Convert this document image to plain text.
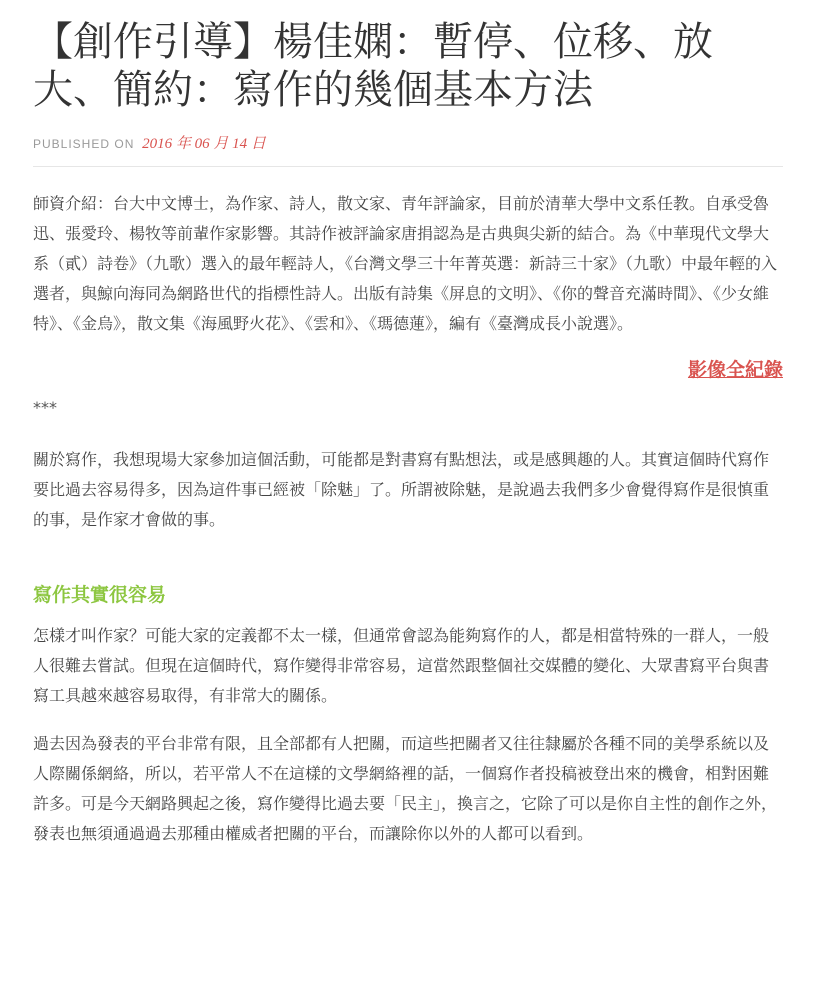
【創作引導】楊佳嫻：暫停、位移、放大、簡約：寫作的幾個基本方法
PUBLISHED ON 2016 年 06 月 14 日

師資介紹：台大中文博士，為作家、詩人，散文家、青年評論家，目前於清華大學中文系任教。自承受魯迅、張愛玲、楊牧等前輩作家影響。其詩作被評論家唐捐認為是古典與尖新的結合。為《中華現代文學大系（貳）詩卷》（九歌）選入的最年輕詩人，《台灣文學三十年菁英選：新詩三十家》（九歌）中最年輕的入選者，與鯨向海同為網路世代的指標性詩人。出版有詩集《屏息的文明》、《你的聲音充滿時間》、《少女維特》、《金烏》，散文集《海風野火花》、《雲和》、《瑪德蓮》，編有《臺灣成長小說選》。

影像全紀錄
***

關於寫作，我想現場大家參加這個活動，可能都是對書寫有點想法，或是感興趣的人。其實這個時代寫作要比過去容易得多，因為這件事已經被「除魅」了。所謂被除魅，是說過去我們多少會覺得寫作是很慎重的事，是作家才會做的事。

寫作其實很容易

怎樣才叫作家？可能大家的定義都不太一樣，但通常會認為能夠寫作的人，都是相當特殊的一群人，一般人很難去嘗試。但現在這個時代，寫作變得非常容易，這當然跟整個社交媒體的變化、大眾書寫平台與書寫工具越來越容易取得，有非常大的關係。

過去因為發表的平台非常有限，且全部都有人把關，而這些把關者又往往隸屬於各種不同的美學系統以及人際關係網絡，所以，若平常人不在這樣的文學網絡裡的話，一個寫作者投稿被登出來的機會，相對困難許多。可是今天網路興起之後，寫作變得比過去要「民主」，換言之，它除了可以是你自主性的創作之外，發表也無須通過過去那種由權威者把關的平台，而讓除你以外的人都可以看到。
